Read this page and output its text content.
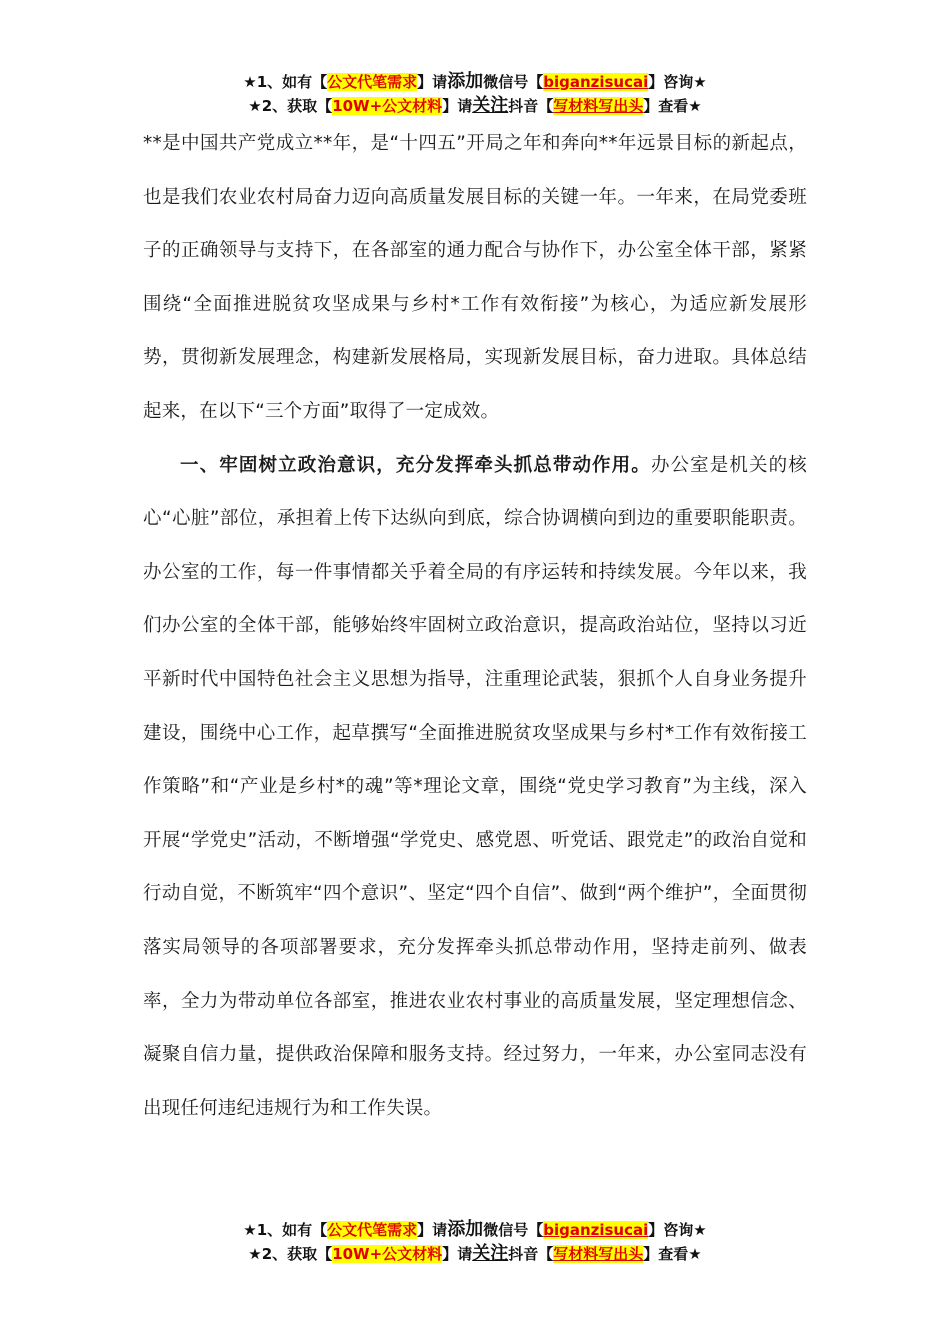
★1、如有【公文代笔需求】请添加微信号【biganzisucai】咨询★
★2、获取【10W+公文材料】请关注抖音【写材料写出头】查看★

**是中国共产党成立**年，是“十四五”开局之年和奔向**年远景目标的新起点，也是我们农业农村局奋力迈向高质量发展目标的关键一年。一年来，在局党委班子的正确领导与支持下，在各部室的通力配合与协作下，办公室全体干部，紧紧围绕“全面推进脱贫攻坚成果与乡村*工作有效衔接”为核心，为适应新发展形势，贯彻新发展理念，构建新发展格局，实现新发展目标，奋力进取。具体总结起来，在以下“三个方面”取得了一定成效。

一、牢固树立政治意识，充分发挥牵头抓总带动作用。办公室是机关的核心“心脏”部位，承担着上传下达纵向到底，综合协调横向到边的重要职能职责。办公室的工作，每一件事情都关乎着全局的有序运转和持续发展。今年以来，我们办公室的全体干部，能够始终牢固树立政治意识，提高政治站位，坚持以习近平新时代中国特色社会主义思想为指导，注重理论武装，狠抓个人自身业务提升建设，围绕中心工作，起草撰写“全面推进脱贫攻坚成果与乡村*工作有效衔接工作策略”和“产业是乡村*的魂”等*理论文章，围绕“党史学习教育”为主线，深入开展“学党史”活动，不断增强“学党史、感党恩、听党话、跟党走”的政治自觉和行动自觉，不断筑牢“四个意识”、坚定“四个自信”、做到“两个维护”，全面贯彻落实局领导的各项部署要求，充分发挥牵头抓总带动作用，坚持走前列、做表率，全力为带动单位各部室，推进农业农村事业的高质量发展，坚定理想信念、凝聚自信力量，提供政治保障和服务支持。经过努力，一年来，办公室同志没有出现任何违纪违规行为和工作失误。

★1、如有【公文代笔需求】请添加微信号【biganzisucai】咨询★
★2、获取【10W+公文材料】请关注抖音【写材料写出头】查看★
